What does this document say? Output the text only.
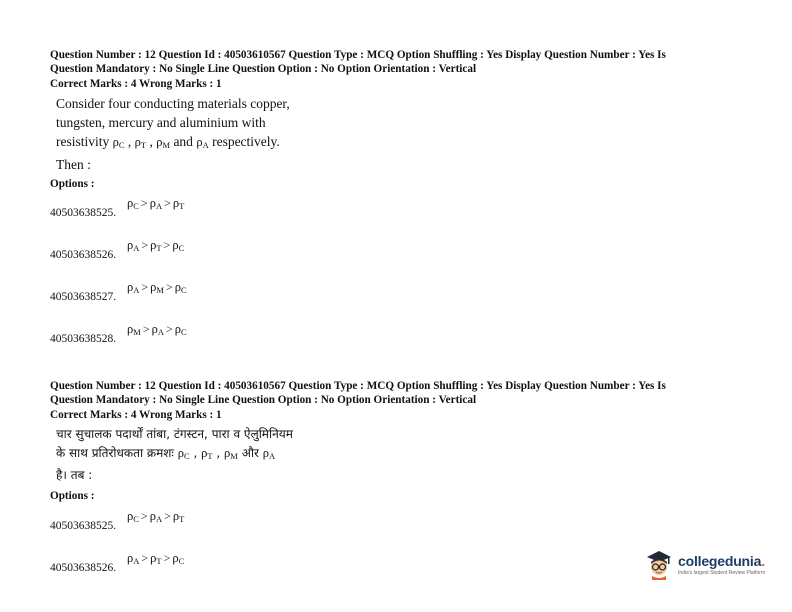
Question Number : 12 Question Id : 40503610567 Question Type : MCQ Option Shuffling : Yes Display Question Number : Yes Is
Question Mandatory : No Single Line Question Option : No Option Orientation : Vertical
Correct Marks : 4 Wrong Marks : 1
Consider four conducting materials copper,
tungsten, mercury and aluminium with
resistivity $\rho_C$ , $\rho_T$ , $\rho_M$ and $\rho_A$ respectively.
Then :
Options :
$\rho_C > \rho_A > \rho_T$
40503638525.
$\rho_A > \rho_T > \rho_C$
40503638526.
$\rho_A > \rho_M > \rho_C$
40503638527.
$\rho_M > \rho_A > \rho_C$
40503638528.
Question Number : 12 Question Id : 40503610567 Question Type : MCQ Option Shuffling : Yes Display Question Number : Yes Is
Question Mandatory : No Single Line Question Option : No Option Orientation : Vertical
Correct Marks : 4 Wrong Marks : 1
चार सुचालक पदार्थों तांबा, टंगस्टन, पारा व ऐलुमिनियम
के साथ प्रतिरोधकता क्रमशः $\rho_C$ , $\rho_T$ , $\rho_M$ और $\rho_A$
है। तब :
Options :
$\rho_C > \rho_A > \rho_T$
40503638525.
$\rho_A > \rho_T > \rho_C$
40503638526.	collegedunia.
India's largest Student Review Platform
